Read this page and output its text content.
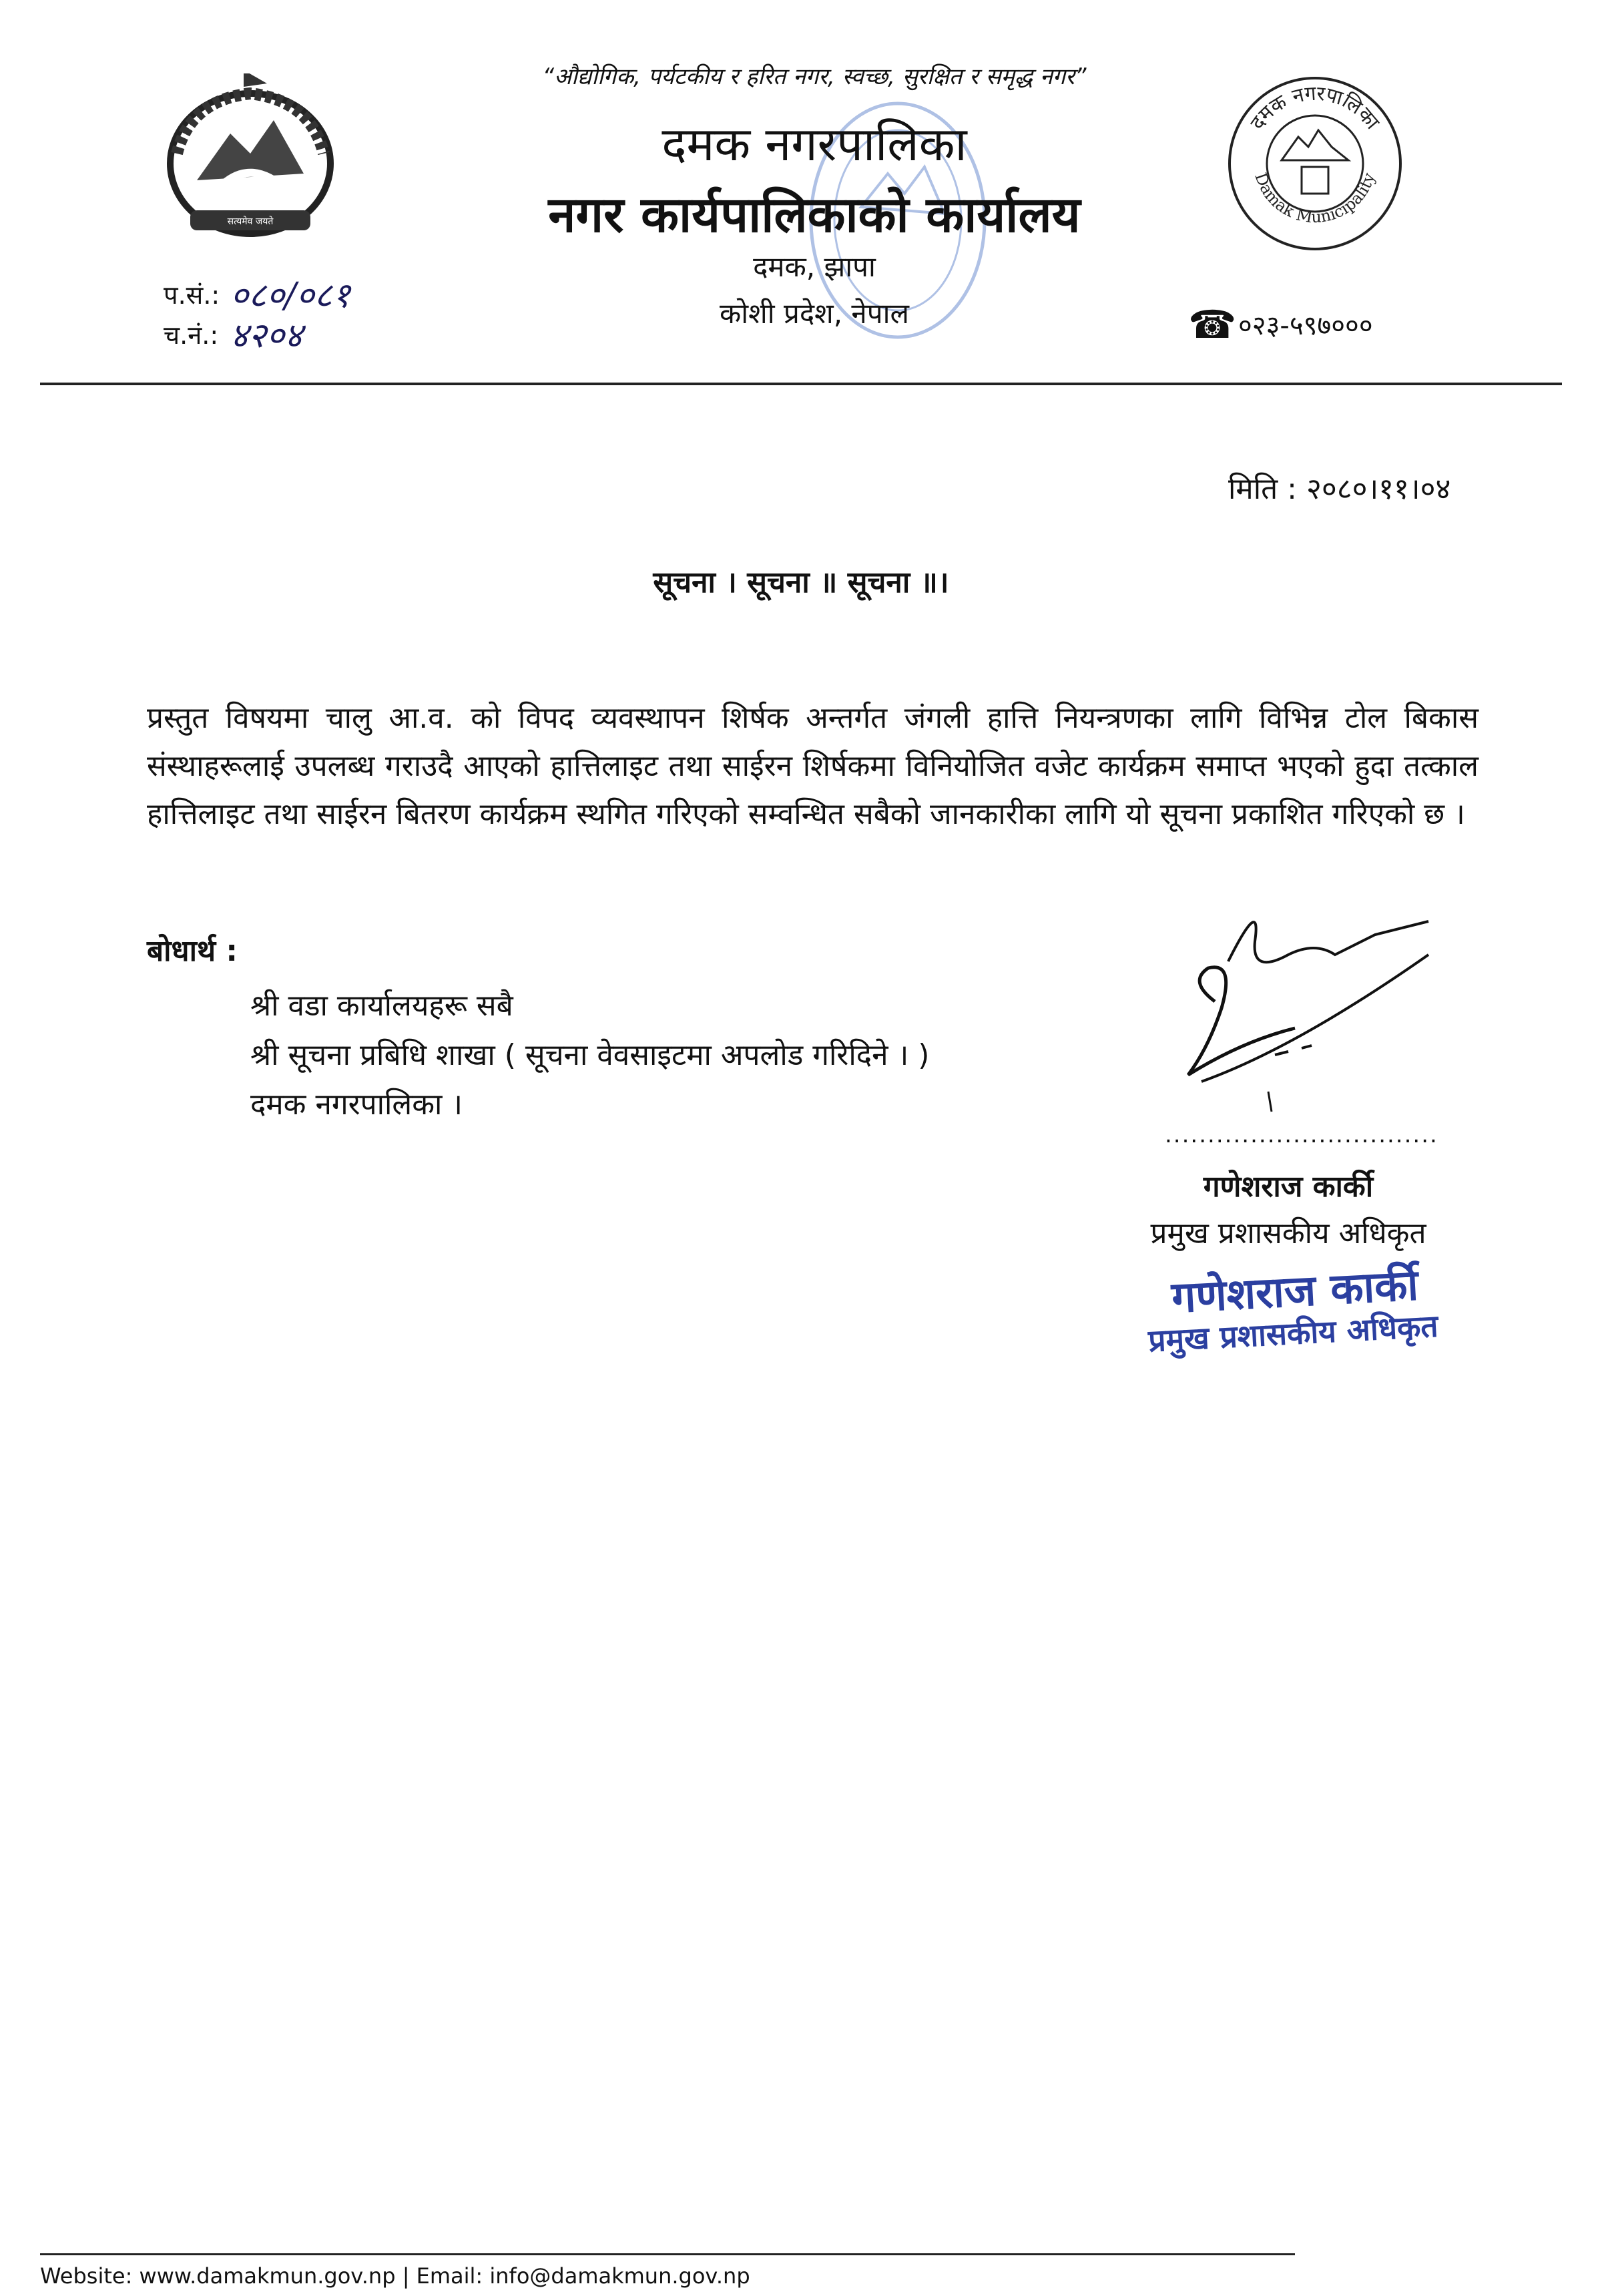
सत्यमेव जयते
दमक नगरपालिका
Damak Municipality
“औद्योगिक, पर्यटकीय र हरित नगर, स्वच्छ, सुरक्षित र समृद्ध नगर”
दमक नगरपालिका
नगर कार्यपालिकाको कार्यालय
दमक, झापा
कोशी प्रदेश, नेपाल
प.सं.: ०८०/०८१
च.नं.: ४२०४	☎ ०२३-५९७०००
मिति : २०८०।११।०४
सूचना । सूचना ॥ सूचना ॥।
प्रस्तुत विषयमा चालु आ.व. को विपद व्यवस्थापन शिर्षक अन्तर्गत जंगली हात्ति नियन्त्रणका लागि विभिन्न टोल बिकास संस्थाहरूलाई उपलब्ध गराउदै आएको हात्तिलाइट तथा साईरन शिर्षकमा विनियोजित वजेट कार्यक्रम समाप्त भएको हुदा तत्काल हात्तिलाइट तथा साईरन बितरण कार्यक्रम स्थगित गरिएको सम्वन्धित सबैको जानकारीका लागि यो सूचना प्रकाशित गरिएको छ ।
बोधार्थ :
श्री वडा कार्यालयहरू सबै
श्री सूचना प्रबिधि शाखा ( सूचना वेवसाइटमा अपलोड गरिदिने । )
दमक नगरपालिका ।
................................
गणेशराज कार्की
प्रमुख प्रशासकीय अधिकृत
गणेशराज कार्की
प्रमुख प्रशासकीय अधिकृत
Website: www.damakmun.gov.np | Email: info@damakmun.gov.np
